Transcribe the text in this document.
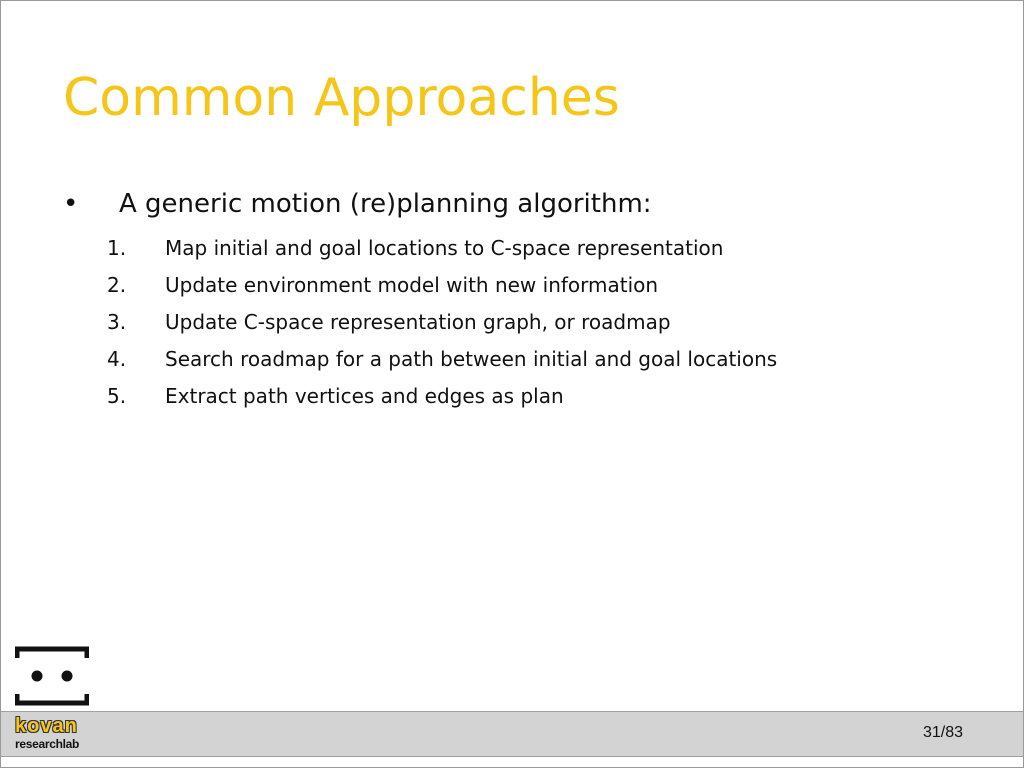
Common Approaches
• A generic motion (re)planning algorithm:
1. Map initial and goal locations to C-space representation
2. Update environment model with new information
3. Update C-space representation graph, or roadmap
4. Search roadmap for a path between initial and goal locations
5. Extract path vertices and edges as plan
kovan
researchlab
31/83
